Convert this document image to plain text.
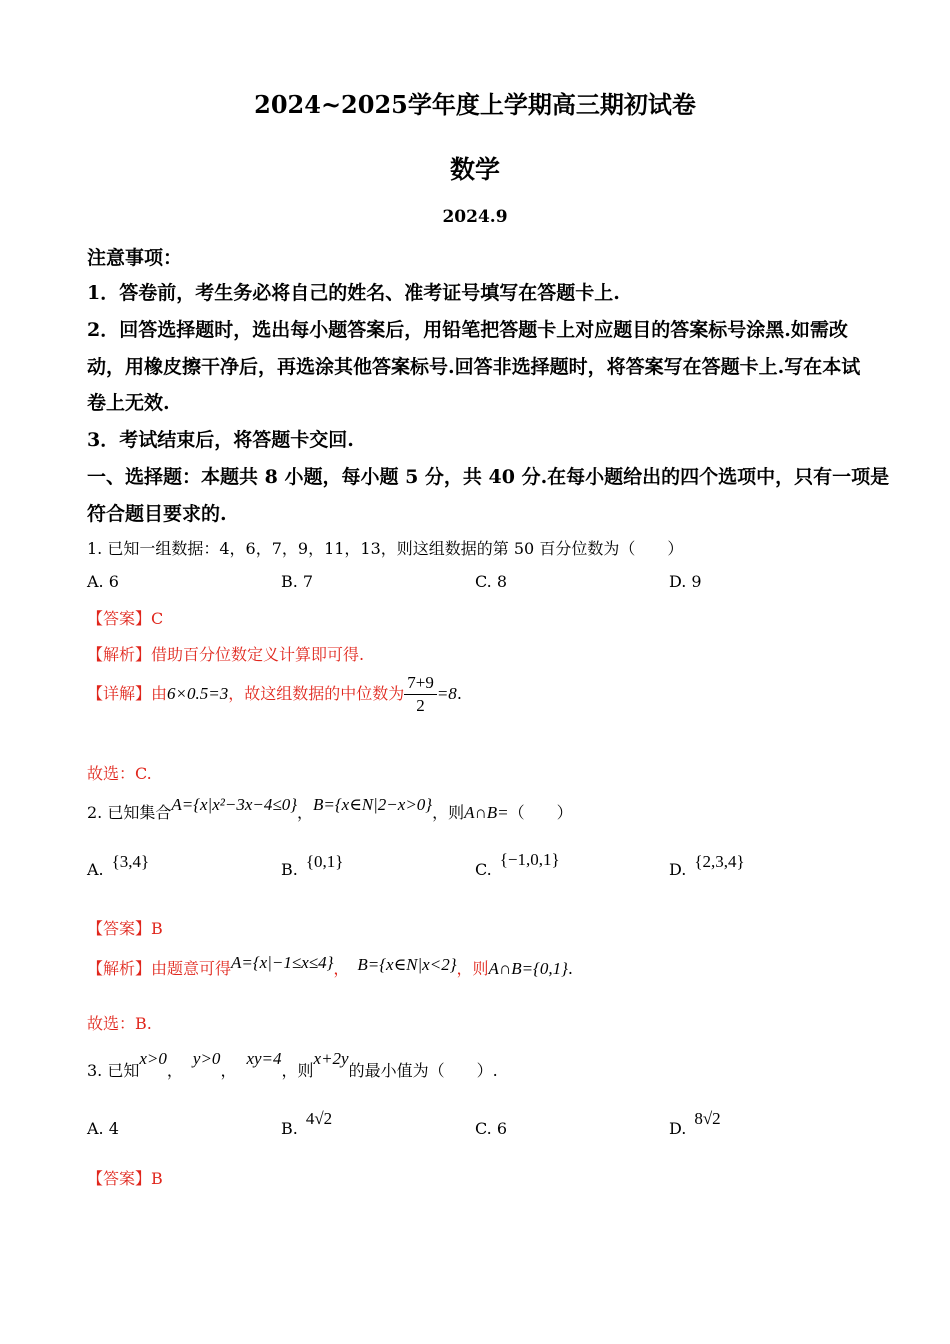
2024~2025学年度上学期高三期初试卷
数学
2024.9
注意事项：
1．答卷前，考生务必将自己的姓名、准考证号填写在答题卡上.
2．回答选择题时，选出每小题答案后，用铅笔把答题卡上对应题目的答案标号涂黑.如需改
动，用橡皮擦干净后，再选涂其他答案标号.回答非选择题时，将答案写在答题卡上.写在本试
卷上无效.
3．考试结束后，将答题卡交回.
一、选择题：本题共 8 小题，每小题 5 分，共 40 分.在每小题给出的四个选项中，只有一项是
符合题目要求的.
1. 已知一组数据：4，6，7，9，11，13，则这组数据的第 50 百分位数为（　　）
A. 6	B. 7	C. 8	D. 9
【答案】C
【解析】借助百分位数定义计算即可得.
【详解】由6×0.5=3，故这组数据的中位数为 $\frac{7+9}{2} =8$.
故选：C.
2. 已知集合A={x|x²−3x−4≤0}，B={x∈N|2−x>0}，则A∩B=（　　）
A. {3,4}	B. {0,1}	C.{−1,0,1}
D. {2,3,4}
【答案】B
【解析】由题意可得A={x|−1≤x≤4}， B={x∈N|x<2}，则A∩B={0,1}.
故选：B.
3. 已知x>0，y>0，xy=4，则x+2y的最小值为（　　）.
A. 4	B.4√2
C. 6	D.8√2
【答案】B
